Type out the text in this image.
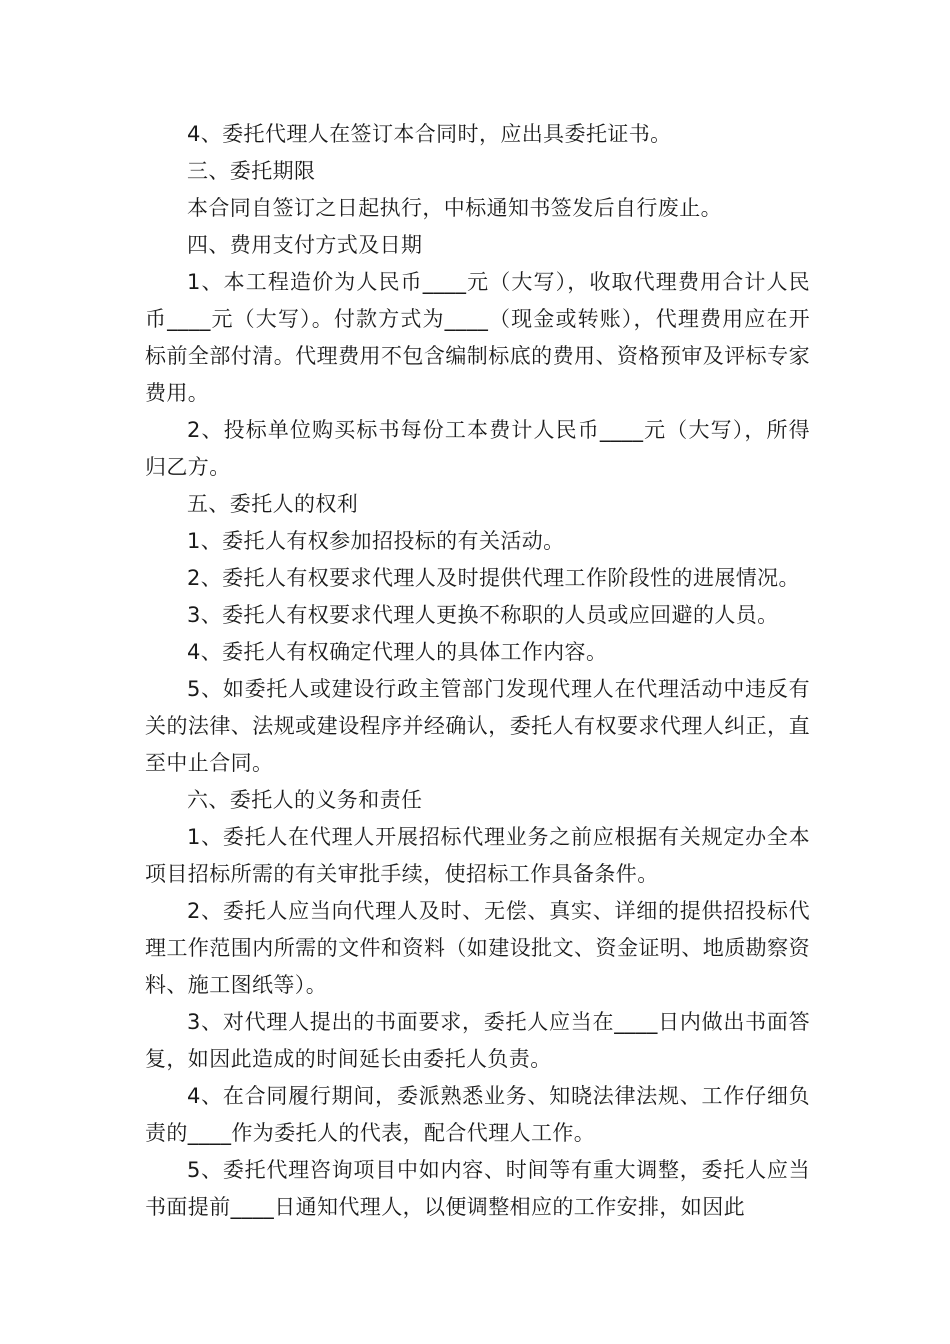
4、委托代理人在签订本合同时，应出具委托证书。

三、委托期限

本合同自签订之日起执行，中标通知书签发后自行废止。

四、费用支付方式及日期

1、本工程造价为人民币____元（大写），收取代理费用合计人民币____元（大写）。付款方式为____（现金或转账），代理费用应在开标前全部付清。代理费用不包含编制标底的费用、资格预审及评标专家费用。

2、投标单位购买标书每份工本费计人民币____元（大写），所得归乙方。

五、委托人的权利

1、委托人有权参加招投标的有关活动。

2、委托人有权要求代理人及时提供代理工作阶段性的进展情况。

3、委托人有权要求代理人更换不称职的人员或应回避的人员。

4、委托人有权确定代理人的具体工作内容。

5、如委托人或建设行政主管部门发现代理人在代理活动中违反有关的法律、法规或建设程序并经确认，委托人有权要求代理人纠正，直至中止合同。

六、委托人的义务和责任

1、委托人在代理人开展招标代理业务之前应根据有关规定办全本项目招标所需的有关审批手续，使招标工作具备条件。

2、委托人应当向代理人及时、无偿、真实、详细的提供招投标代理工作范围内所需的文件和资料（如建设批文、资金证明、地质勘察资料、施工图纸等）。

3、对代理人提出的书面要求，委托人应当在____日内做出书面答复，如因此造成的时间延长由委托人负责。

4、在合同履行期间，委派熟悉业务、知晓法律法规、工作仔细负责的____作为委托人的代表，配合代理人工作。

5、委托代理咨询项目中如内容、时间等有重大调整，委托人应当书面提前____日通知代理人，以便调整相应的工作安排，如因此
